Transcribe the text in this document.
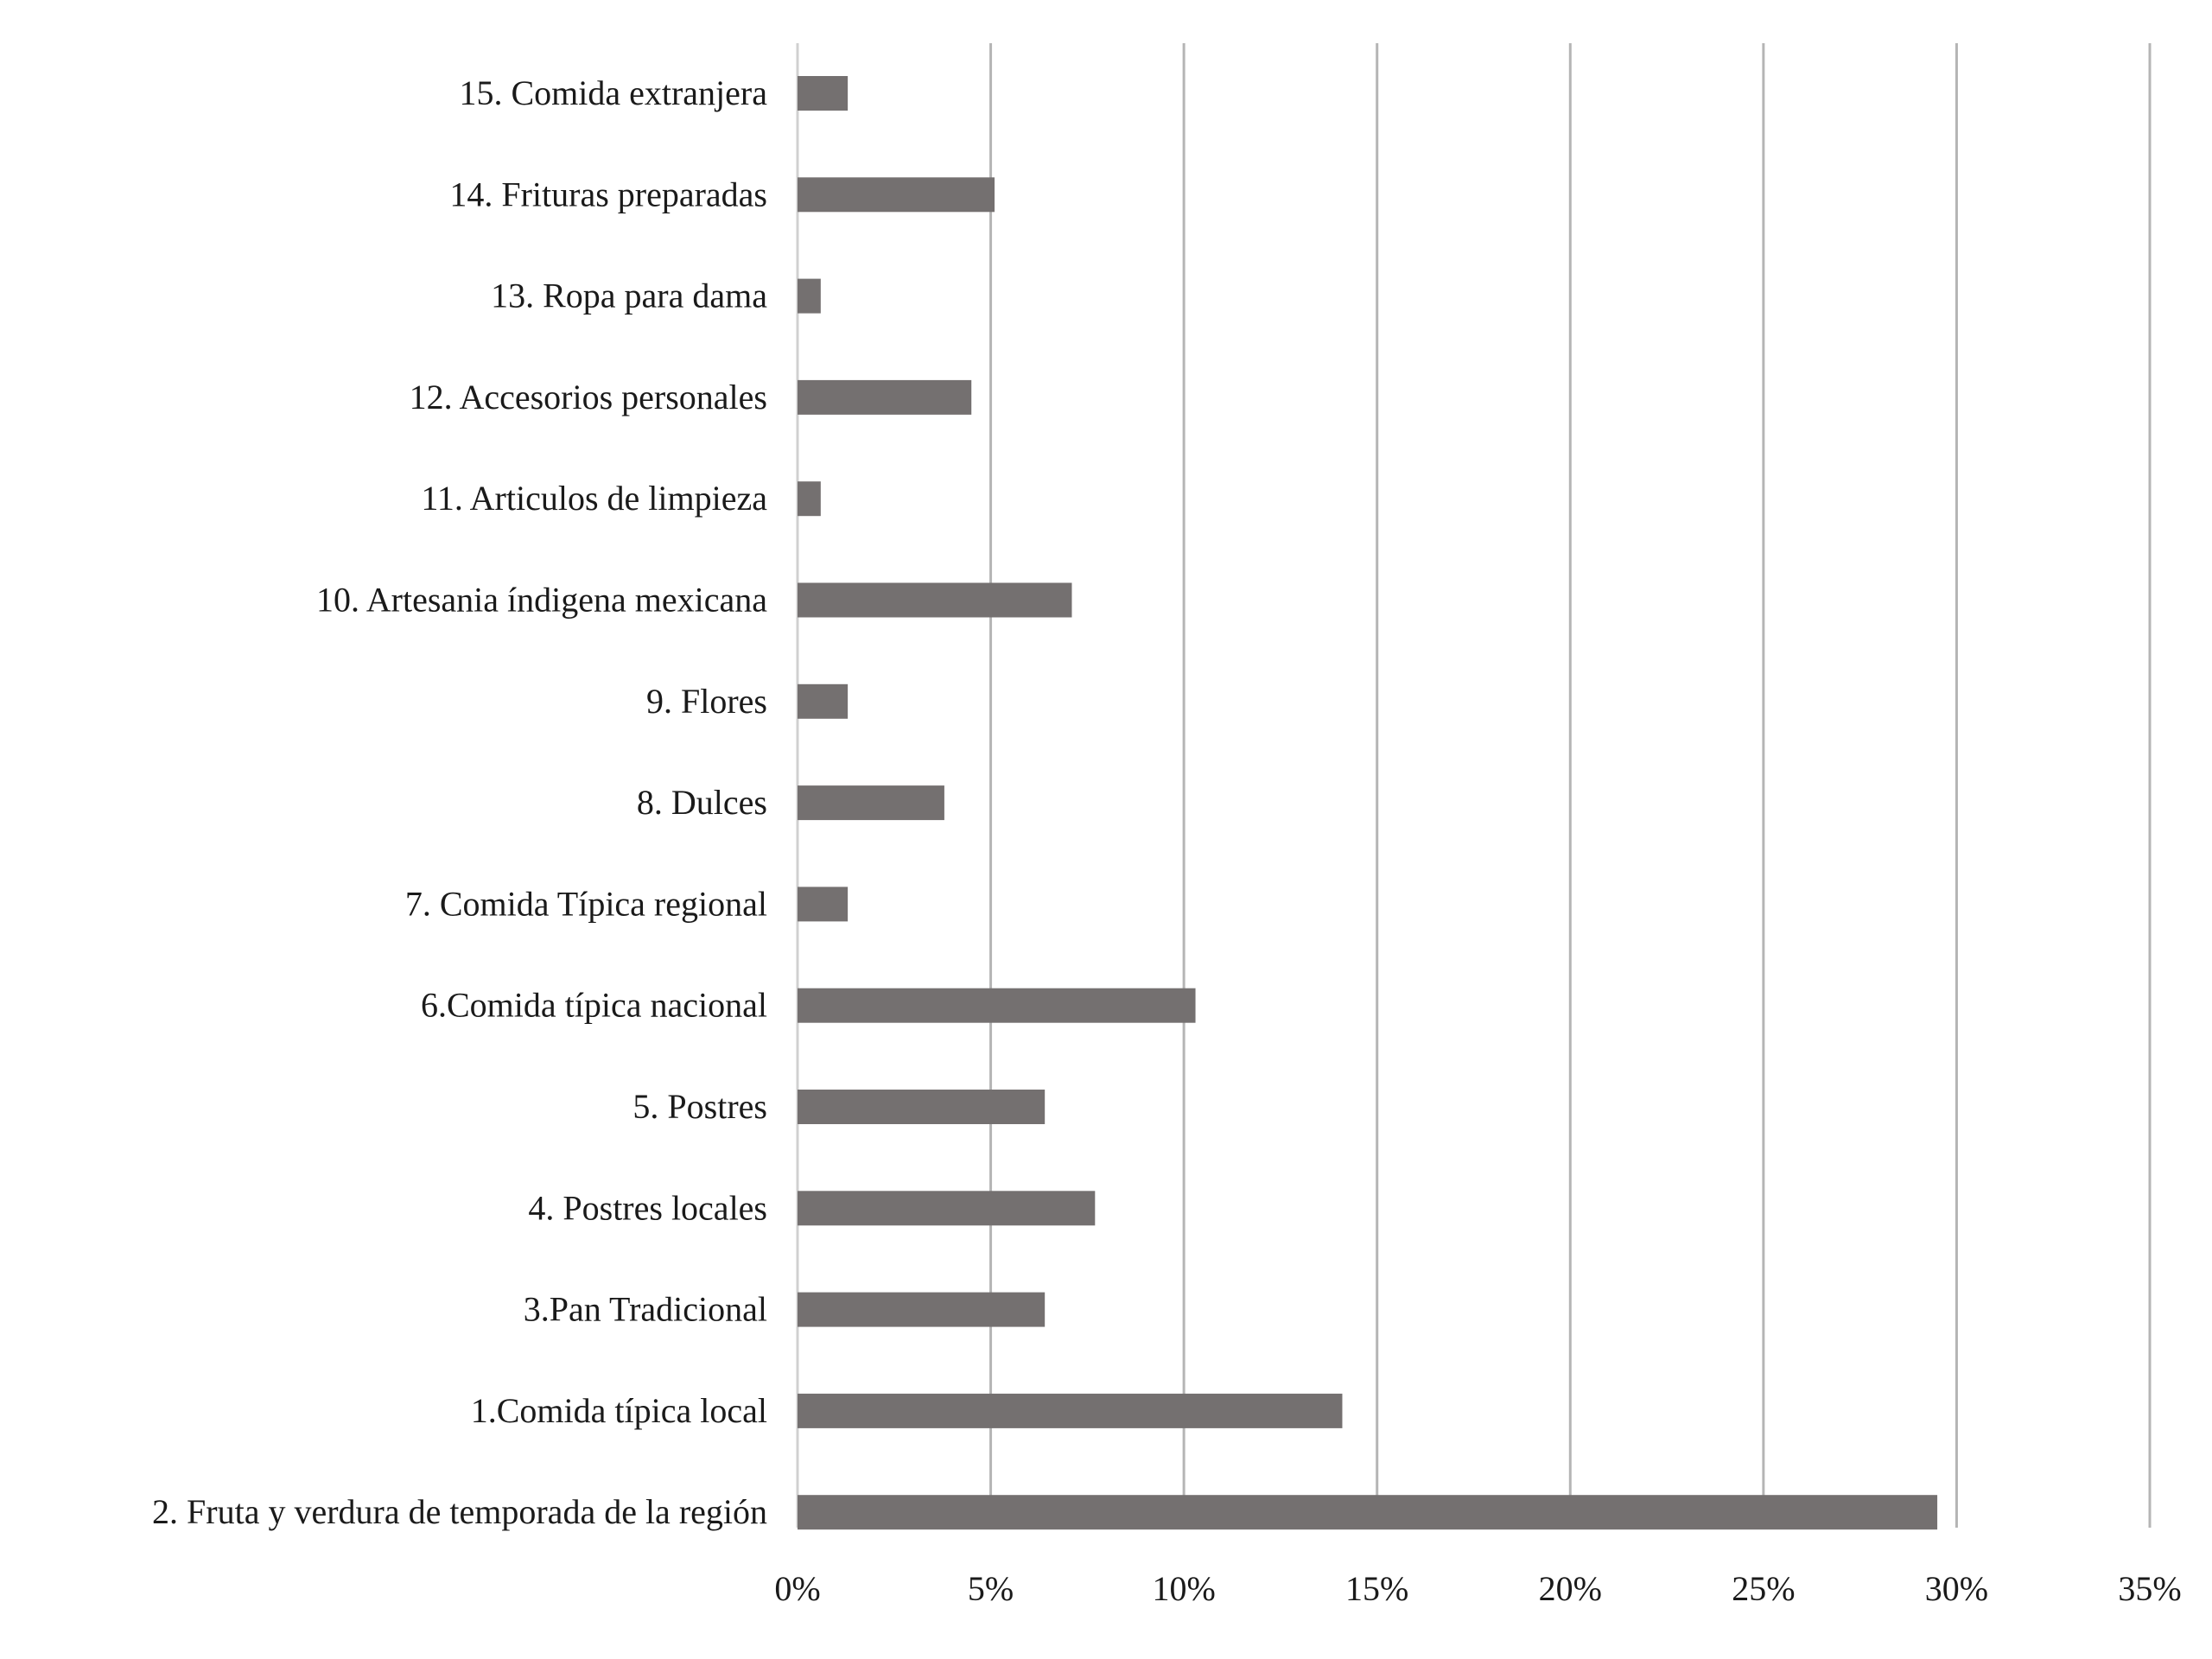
15. Comida extranjera
14. Frituras preparadas
13. Ropa para dama
12. Accesorios personales
11. Articulos de limpieza
10. Artesania índigena mexicana
9. Flores
8. Dulces
7. Comida Típica regional
6.Comida típica nacional
5. Postres
4. Postres locales
3.Pan Tradicional
1.Comida típica local
2. Fruta y verdura de temporada de la región
0%	5%	10%	15%	20%	25%	30%	35%
